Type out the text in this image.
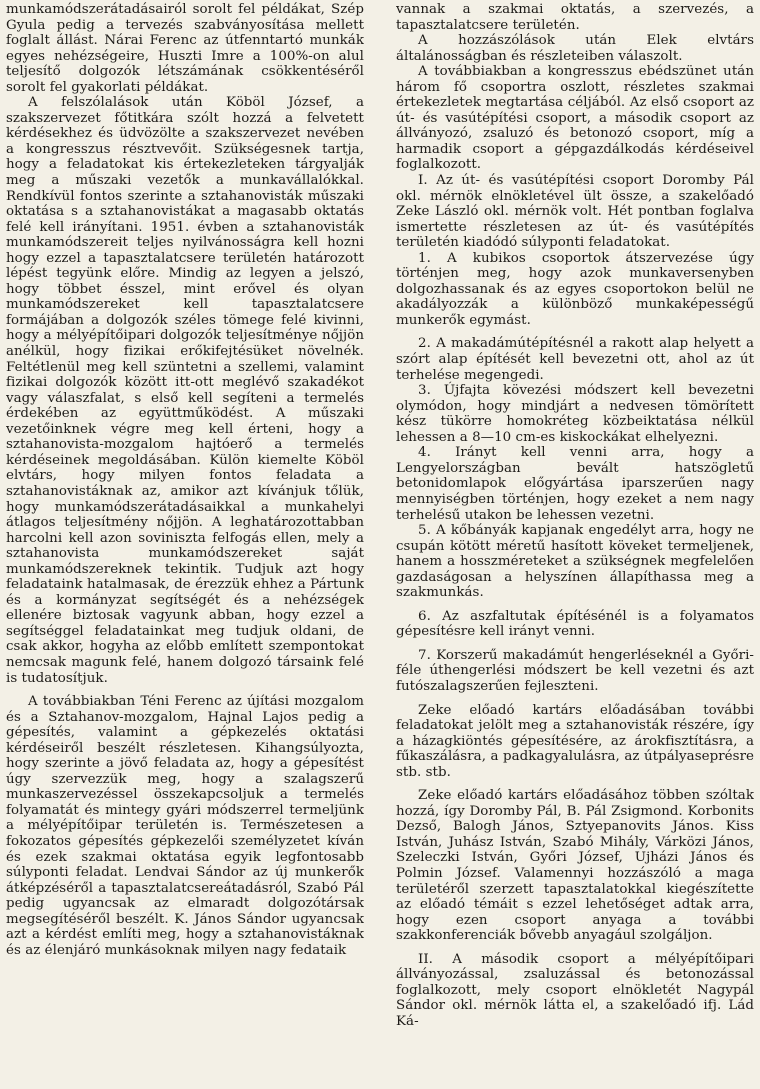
munkamódszerátadásairól sorolt fel példákat, Szép Gyula pedig a tervezés szabványosítása mellett foglalt állást. Nárai Ferenc az útfenntartó munkák egyes nehézségeire, Huszti Imre a 100%-on alul teljesítő dolgozók létszámának csökkentéséről sorolt fel gyakorlati példákat.

A felszólalások után Köböl József, a szakszervezet főtitkára szólt hozzá a felvetett kérdésekhez és üdvözölte a szakszervezet nevében a kongresszus résztvevőit. Szükségesnek tartja, hogy a feladatokat kis értekezleteken tárgyalják meg a műszaki vezetők a munkavállalókkal. Rendkívül fontos szerinte a sztahanovisták műszaki oktatása s a sztahanovistákat a magasabb oktatás felé kell irányítani. 1951. évben a sztahanovisták munkamódszereit teljes nyilvánosságra kell hozni hogy ezzel a tapasztalatcsere területén határozott lépést tegyünk előre. Mindig az legyen a jelszó, hogy többet ésszel, mint erővel és olyan munkamódszereket kell tapasztalatcsere formájában a dolgozók széles tömege felé kivinni, hogy a mélyépítőipari dolgozók teljesítménye nőjjön anélkül, hogy fizikai erőkifejtésüket növelnék. Feltétlenül meg kell szüntetni a szellemi, valamint fizikai dolgozók között itt-ott meglévő szakadékot vagy válaszfalat, s első kell segíteni a termelés érdekében az együttműködést. A műszaki vezetőinknek végre meg kell érteni, hogy a sztahanovista-mozgalom hajtóerő a termelés kérdéseinek megoldásában. Külön kiemelte Köböl elvtárs, hogy milyen fontos feladata a sztahanovistáknak az, amikor azt kívánjuk tőlük, hogy munkamódszerátadásaikkal a munkahelyi átlagos teljesítmény nőjjön. A leghatározottabban harcolni kell azon soviniszta felfogás ellen, mely a sztahanovista munkamódszereket saját munkamódszereknek tekintik. Tudjuk azt hogy feladataink hatalmasak, de érezzük ehhez a Pártunk és a kormányzat segítségét és a nehézségek ellenére biztosak vagyunk abban, hogy ezzel a segítséggel feladatainkat meg tudjuk oldani, de csak akkor, hogyha az előbb említett szempontokat nemcsak magunk felé, hanem dolgozó társaink felé is tudatosítjuk.

A továbbiakban Téni Ferenc az újítási mozgalom és a Sztahanov-mozgalom, Hajnal Lajos pedig a gépesítés, valamint a gépkezelés oktatási kérdéseiről beszélt részletesen. Kihangsúlyozta, hogy szerinte a jövő feladata az, hogy a gépesítést úgy szervezzük meg, hogy a szalagszerű munkaszervezéssel összekapcsoljuk a termelés folyamatát és mintegy gyári módszerrel termeljünk a mélyépítőipar területén is. Természetesen a fokozatos gépesítés gépkezelői személyzetet kíván és ezek szakmai oktatása egyik legfontosabb súlyponti feladat. Lendvai Sándor az új munkerők átképzéséről a tapasztalatcsereátadásról, Szabó Pál pedig ugyancsak az elmaradt dolgozótársak megsegítéséről beszélt. K. János Sándor ugyancsak azt a kérdést említi meg, hogy a sztahanovistáknak és az élenjáró munkásoknak milyen nagy fedataik

vannak a szakmai oktatás, a szervezés, a tapasztalatcsere területén.

A hozzászólások után Elek elvtárs általánosságban és részleteiben válaszolt.

A továbbiakban a kongresszus ebédszünet után három fő csoportra oszlott, részletes szakmai értekezletek megtartása céljából. Az első csoport az út- és vasútépítési csoport, a második csoport az állványozó, zsaluzó és betonozó csoport, míg a harmadik csoport a gépgazdálkodás kérdéseivel foglalkozott.

I. Az út- és vasútépítési csoport Doromby Pál okl. mérnök elnökletével ült össze, a szakelőadó Zeke László okl. mérnök volt. Hét pontban foglalva ismertette részletesen az út- és vasútépítés területén kiadódó súlyponti feladatokat.

1. A kubikos csoportok átszervezése úgy történjen meg, hogy azok munkaversenyben dolgozhassanak és az egyes csoportokon belül ne akadályozzák a különböző munkaképességű munkerők egymást.

2. A makadámútépítésnél a rakott alap helyett a szórt alap építését kell bevezetni ott, ahol az út terhelése megengedi.

3. Újfajta kövezési módszert kell bevezetni olymódon, hogy mindjárt a nedvesen tömörített kész tükörre homokréteg közbeiktatása nélkül lehessen a 8—10 cm-es kiskockákat elhelyezni.

4. Irányt kell venni arra, hogy a Lengyelországban bevált hatszögletű betonidomlapok előgyártása iparszerűen nagy mennyiségben történjen, hogy ezeket a nem nagy terhelésű utakon be lehessen vezetni.

5. A kőbányák kapjanak engedélyt arra, hogy ne csupán kötött méretű hasított köveket termeljenek, hanem a hosszméreteket a szükségnek megfelelően gazdaságosan a helyszínen állapíthassa meg a szakmunkás.

6. Az aszfaltutak építésénél is a folyamatos gépesítésre kell irányt venni.

7. Korszerű makadámút hengerléseknél a Győri-féle úthengerlési módszert be kell vezetni és azt futószalagszerűen fejleszteni.

Zeke előadó kartárs előadásában további feladatokat jelölt meg a sztahanovisták részére, így a házagkiöntés gépesítésére, az árokfisztításra, a fűkaszálásra, a padkagyalulásra, az útpályaseprésre stb. stb.

Zeke előadó kartárs előadásához többen szóltak hozzá, így Doromby Pál, B. Pál Zsigmond. Korbonits Dezső, Balogh János, Sztyepanovits János. Kiss István, Juhász István, Szabó Mihály, Várközi János, Szeleczki István, Győri József, Ujházi János és Polmin József. Valamennyi hozzászóló a maga területéről szerzett tapasztalatokkal kiegészítette az előadó témáit s ezzel lehetőséget adtak arra, hogy ezen csoport anyaga a további szakkonferenciák bővebb anyagául szolgáljon.

II. A második csoport a mélyépítőipari állványozással, zsaluzással és betonozással foglalkozott, mely csoport elnökletét Nagypál Sándor okl. mérnök látta el, a szakelőadó ifj. Lád Ká-
